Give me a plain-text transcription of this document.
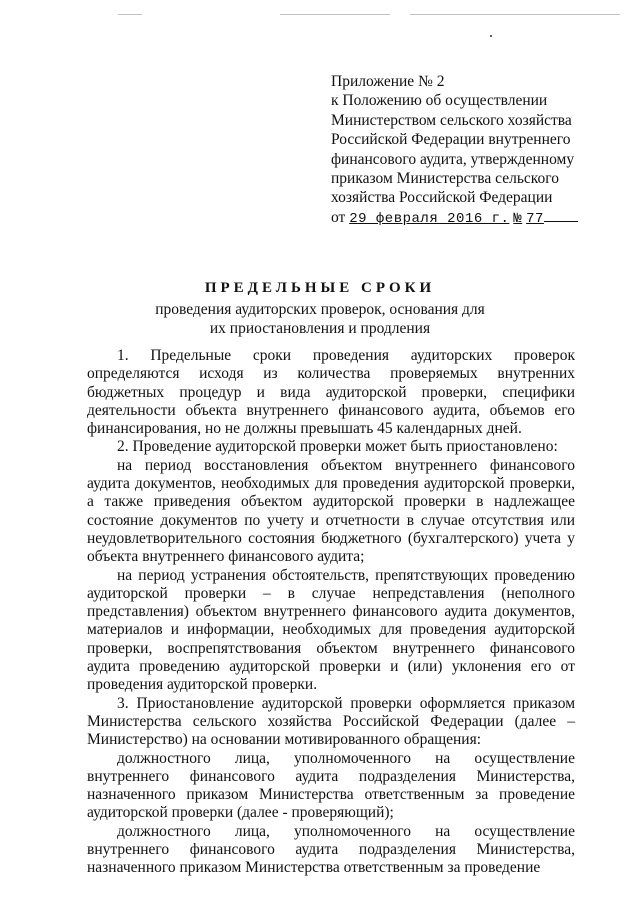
Приложение № 2
к Положению об осуществлении
Министерством сельского хозяйства
Российской Федерации внутреннего
финансового аудита, утвержденному
приказом Министерства сельского
хозяйства Российской Федерации
от 29 февраля 2016 г. № 77
ПРЕДЕЛЬНЫЕ СРОКИ
проведения аудиторских проверок, основания для их приостановления и продления

1. Предельные сроки проведения аудиторских проверок определяются исходя из количества проверяемых внутренних бюджетных процедур и вида аудиторской проверки, специфики деятельности объекта внутреннего финансового аудита, объемов его финансирования, но не должны превышать 45 календарных дней.

2. Проведение аудиторской проверки может быть приостановлено:

на период восстановления объектом внутреннего финансового аудита документов, необходимых для проведения аудиторской проверки, а также приведения объектом аудиторской проверки в надлежащее состояние документов по учету и отчетности в случае отсутствия или неудовлетворительного состояния бюджетного (бухгалтерского) учета у объекта внутреннего финансового аудита;

на период устранения обстоятельств, препятствующих проведению аудиторской проверки – в случае непредставления (неполного представления) объектом внутреннего финансового аудита документов, материалов и информации, необходимых для проведения аудиторской проверки, воспрепятствования объектом внутреннего финансового аудита проведению аудиторской проверки и (или) уклонения его от проведения аудиторской проверки.

3. Приостановление аудиторской проверки оформляется приказом Министерства сельского хозяйства Российской Федерации (далее – Министерство) на основании мотивированного обращения:

должностного лица, уполномоченного на осуществление внутреннего финансового аудита подразделения Министерства, назначенного приказом Министерства ответственным за проведение аудиторской проверки (далее - проверяющий);

должностного лица, уполномоченного на осуществление внутреннего финансового аудита подразделения Министерства, назначенного приказом Министерства ответственным за проведение
